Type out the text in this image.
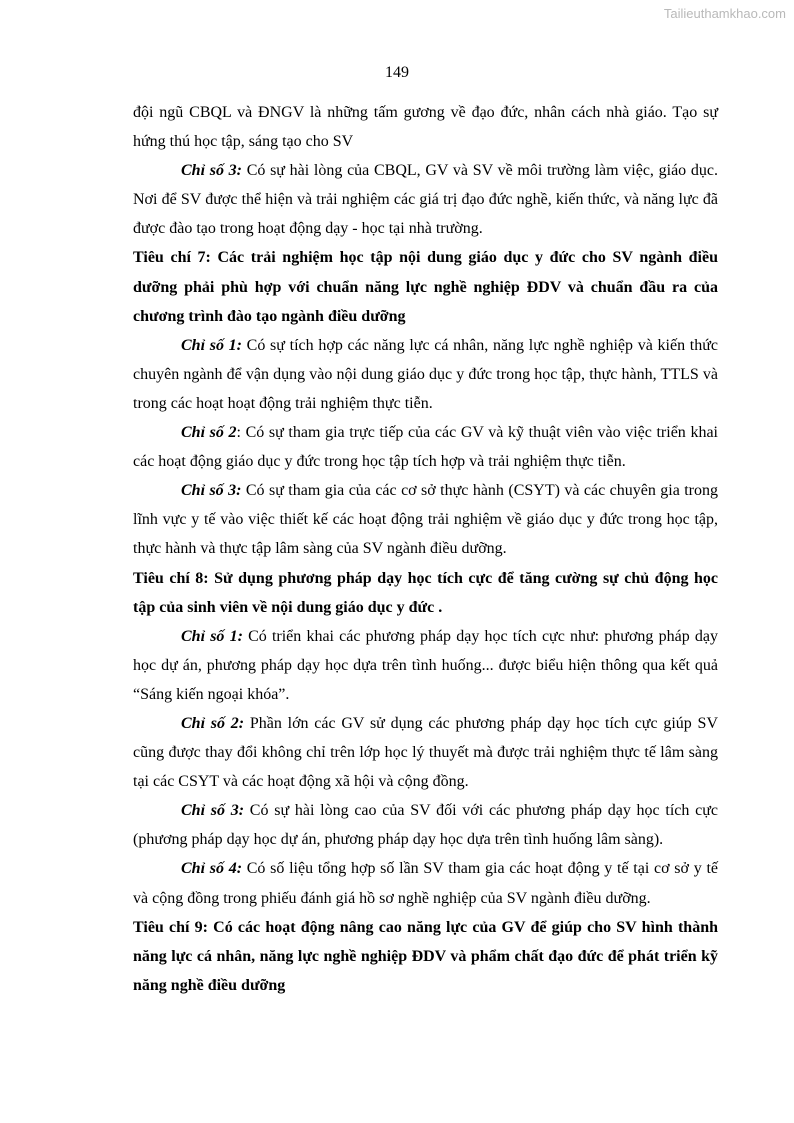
Tailieuthamkhao.com
149

đội ngũ CBQL và ĐNGV là những tấm gương về đạo đức, nhân cách nhà giáo. Tạo sự hứng thú học tập, sáng tạo cho SV

Chỉ số 3: Có sự hài lòng của CBQL, GV và SV về môi trường làm việc, giáo dục. Nơi để SV được thể hiện và trải nghiệm các giá trị đạo đức nghề, kiến thức, và năng lực đã được đào tạo trong hoạt động dạy - học tại nhà trường.

Tiêu chí 7: Các trải nghiệm học tập nội dung giáo dục y đức cho SV ngành điều dưỡng phải phù hợp với chuẩn năng lực nghề nghiệp ĐDV và chuẩn đầu ra của chương trình đào tạo ngành điều dưỡng

Chỉ số 1: Có sự tích hợp các năng lực cá nhân, năng lực nghề nghiệp và kiến thức chuyên ngành để vận dụng vào nội dung giáo dục y đức trong học tập, thực hành, TTLS và trong các hoạt hoạt động trải nghiệm thực tiễn.

Chỉ số 2: Có sự tham gia trực tiếp của các GV và kỹ thuật viên vào việc triển khai các hoạt động giáo dục y đức trong học tập tích hợp và trải nghiệm thực tiễn.

Chỉ số 3: Có sự tham gia của các cơ sở thực hành (CSYT) và các chuyên gia trong lĩnh vực y tế vào việc thiết kế các hoạt động trải nghiệm về giáo dục y đức trong học tập, thực hành và thực tập lâm sàng của SV ngành điều dưỡng.

Tiêu chí 8: Sử dụng phương pháp dạy học tích cực để tăng cường sự chủ động học tập của sinh viên về nội dung giáo dục y đức .

Chỉ số 1: Có triển khai các phương pháp dạy học tích cực như: phương pháp dạy học dự án, phương pháp dạy học dựa trên tình huống... được biểu hiện thông qua kết quả “Sáng kiến ngoại khóa”.

Chỉ số 2: Phần lớn các GV sử dụng các phương pháp dạy học tích cực giúp SV cũng được thay đổi không chỉ trên lớp học lý thuyết mà được trải nghiệm thực tế lâm sàng tại các CSYT và các hoạt động xã hội và cộng đồng.

Chỉ số 3: Có sự hài lòng cao của SV đối với các phương pháp dạy học tích cực (phương pháp dạy học dự án, phương pháp dạy học dựa trên tình huống lâm sàng).

Chỉ số 4: Có số liệu tổng hợp số lần SV tham gia các hoạt động y tế tại cơ sở y tế và cộng đồng trong phiếu đánh giá hồ sơ nghề nghiệp của SV ngành điều dưỡng.

Tiêu chí 9: Có các hoạt động nâng cao năng lực của GV để giúp cho SV hình thành năng lực cá nhân, năng lực nghề nghiệp ĐDV và phẩm chất đạo đức để phát triển kỹ năng nghề điều dưỡng
